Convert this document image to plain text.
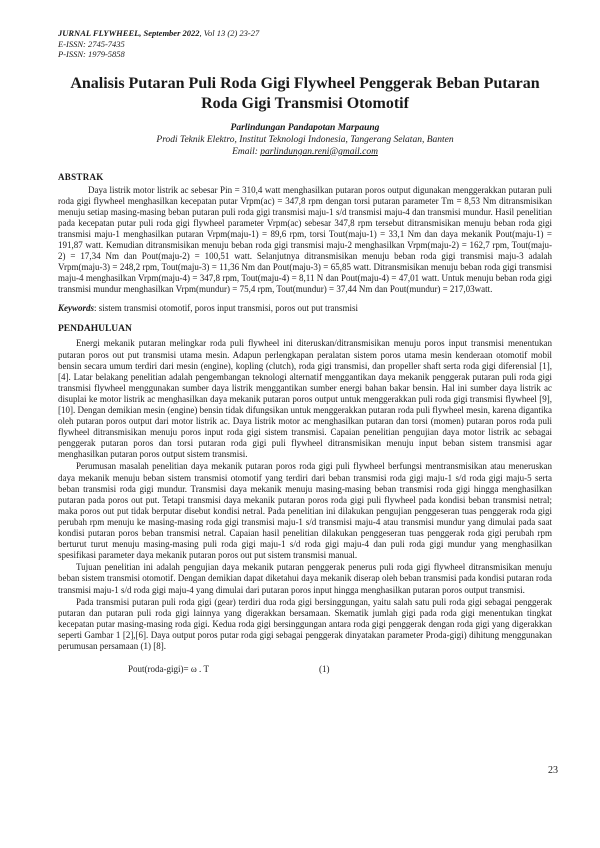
JURNAL FLYWHEEL, September 2022, Vol 13 (2) 23-27
E-ISSN: 2745-7435
P-ISSN: 1979-5858
Analisis Putaran Puli Roda Gigi Flywheel Penggerak Beban Putaran Roda Gigi Transmisi Otomotif
Parlindungan Pandapotan Marpaung
Prodi Teknik Elektro, Institut Teknologi Indonesia, Tangerang Selatan, Banten
Email: parlindungan.reni@gmail.com
ABSTRAK

Daya listrik motor listrik ac sebesar Pin = 310,4 watt menghasilkan putaran poros output digunakan menggerakkan putaran puli roda gigi flywheel menghasilkan kecepatan putar Vrpm(ac) = 347,8 rpm dengan torsi putaran parameter Tm = 8,53 Nm ditransmisikan menuju setiap masing-masing beban putaran puli roda gigi transmisi maju-1 s/d transmisi maju-4 dan transmisi mundur. Hasil penelitian pada kecepatan putar puli roda gigi flywheel parameter Vrpm(ac) sebesar 347,8 rpm tersebut ditransmisikan menuju beban roda gigi transmisi maju-1 menghasilkan putaran Vrpm(maju-1) = 89,6 rpm, torsi Tout(maju-1) = 33,1 Nm dan daya mekanik Pout(maju-1) = 191,87 watt. Kemudian ditransmisikan menuju beban roda gigi transmisi maju-2 menghasilkan Vrpm(maju-2) = 162,7 rpm, Tout(maju-2) = 17,34 Nm dan Pout(maju-2) = 100,51 watt. Selanjutnya ditransmisikan menuju beban roda gigi transmisi maju-3 adalah Vrpm(maju-3) = 248,2 rpm, Tout(maju-3) = 11,36 Nm dan Pout(maju-3) = 65,85 watt. Ditransmisikan menuju beban roda gigi transmisi maju-4 menghasilkan Vrpm(maju-4) = 347,8 rpm, Tout(maju-4) = 8,11 N dan Pout(maju-4) = 47,01 watt. Untuk menuju beban roda gigi transmisi mundur menghasilkan Vrpm(mundur) = 75,4 rpm, Tout(mundur) = 37,44 Nm dan Pout(mundur) = 217,03watt.

Keywords: sistem transmisi otomotif, poros input transmisi, poros out put transmisi
PENDAHULUAN

Energi mekanik putaran melingkar roda puli flywheel ini diteruskan/ditransmisikan menuju poros input transmisi menentukan putaran poros out put transmisi utama mesin. Adapun perlengkapan peralatan sistem poros utama mesin kenderaan otomotif mobil bensin secara umum terdiri dari mesin (engine), kopling (clutch), roda gigi transmisi, dan propeller shaft serta roda gigi diferensial [1],[4]. Latar belakang penelitian adalah pengembangan teknologi alternatif menggantikan daya mekanik penggerak putaran puli roda gigi transmisi flywheel menggunakan sumber daya listrik menggantikan sumber energi bahan bakar bensin. Hal ini sumber daya listrik ac disuplai ke motor listrik ac menghasilkan daya mekanik putaran poros output untuk menggerakkan puli roda gigi transmisi flywheel [9],[10]. Dengan demikian mesin (engine) bensin tidak difungsikan untuk menggerakkan putaran roda puli flywheel mesin, karena digantika oleh putaran poros output dari motor listrik ac. Daya listrik motor ac menghasilkan putaran dan torsi (momen) putaran poros roda puli flywheel ditransmisikan menuju poros input roda gigi sistem transmisi. Capaian penelitian pengujian daya motor listrik ac sebagai penggerak putaran poros dan torsi putaran roda gigi puli flywheel ditransmisikan menuju input beban sistem transmisi agar menghasilkan putaran poros output sistem transmisi.

Perumusan masalah penelitian daya mekanik putaran poros roda gigi puli flywheel berfungsi mentransmisikan atau meneruskan daya mekanik menuju beban sistem transmisi otomotif yang terdiri dari beban transmisi roda gigi maju-1 s/d roda gigi maju-5 serta beban transmisi roda gigi mundur. Transmisi daya mekanik menuju masing-masing beban transmisi roda gigi hingga menghasilkan putaran pada poros out put. Tetapi transmisi daya mekanik putaran poros roda gigi puli flywheel pada kondisi beban transmisi netral; maka poros out put tidak berputar disebut kondisi netral. Pada penelitian ini dilakukan pengujian penggeseran tuas penggerak roda gigi perubah rpm menuju ke masing-masing roda gigi transmisi maju-1 s/d transmisi maju-4 atau transmisi mundur yang dimulai pada saat kondisi putaran poros beban transmisi netral. Capaian hasil penelitian dilakukan penggeseran tuas penggerak roda gigi perubah rpm berturut turut menuju masing-masing puli roda gigi maju-1 s/d roda gigi maju-4 dan puli roda gigi mundur yang menghasilkan spesifikasi parameter daya mekanik putaran poros out put sistem transmisi manual.

Tujuan penelitian ini adalah pengujian daya mekanik putaran penggerak penerus puli roda gigi flywheel ditransmisikan menuju beban sistem transmisi otomotif. Dengan demikian dapat diketahui daya mekanik diserap oleh beban transmisi pada kondisi putaran roda transmisi maju-1 s/d roda gigi maju-4 yang dimulai dari putaran poros input hingga menghasilkan putaran poros output transmisi.

Pada transmisi putaran puli roda gigi (gear) terdiri dua roda gigi bersinggungan, yaitu salah satu puli roda gigi sebagai penggerak putaran dan putaran puli roda gigi lainnya yang digerakkan bersamaan. Skematik jumlah gigi pada roda gigi menentukan tingkat kecepatan putar masing-masing roda gigi. Kedua roda gigi bersinggungan antara roda gigi penggerak dengan roda gigi yang digerakkan seperti Gambar 1 [2],[6]. Daya output poros putar roda gigi sebagai penggerak dinyatakan parameter Proda-gigi) dihitung menggunakan perumusan persamaan (1) [8].

Pout(roda-gigi) = ω . T	(1)
23
